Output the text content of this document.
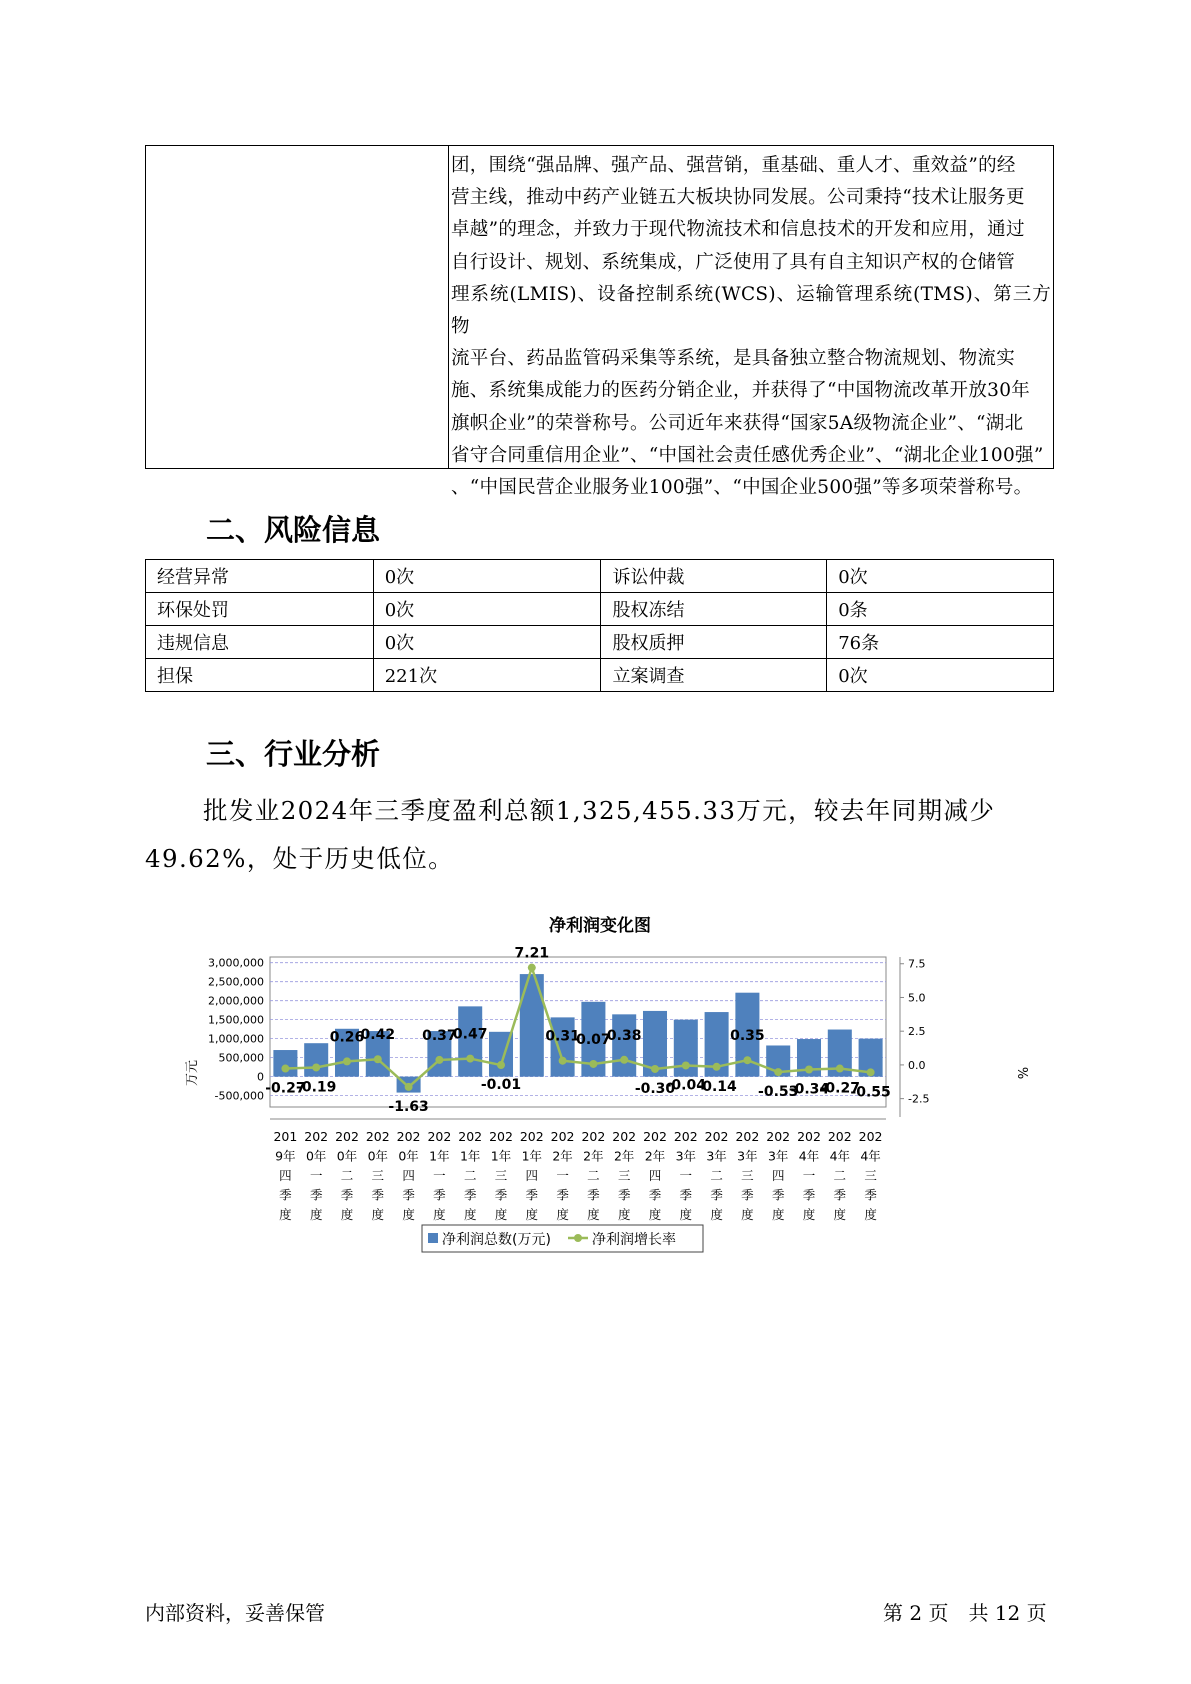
团，围绕“强品牌、强产品、强营销，重基础、重人才、重效益”的经
营主线，推动中药产业链五大板块协同发展。公司秉持“技术让服务更
卓越”的理念，并致力于现代物流技术和信息技术的开发和应用，通过
自行设计、规划、系统集成，广泛使用了具有自主知识产权的仓储管
理系统(LMIS)、设备控制系统(WCS)、运输管理系统(TMS)、第三方物
流平台、药品监管码采集等系统，是具备独立整合物流规划、物流实
施、系统集成能力的医药分销企业，并获得了“中国物流改革开放30年
旗帜企业”的荣誉称号。公司近年来获得“国家5A级物流企业”、“湖北
省守合同重信用企业”、“中国社会责任感优秀企业”、“湖北企业100强”
、“中国民营企业服务业100强”、“中国企业500强”等多项荣誉称号。
二、风险信息
经营异常	0次	诉讼仲裁	0次
环保处罚	0次	股权冻结	0条
违规信息	0次	股权质押	76条
担保	221次	立案调查	0次
三、行业分析
批发业2024年三季度盈利总额1,325,455.33万元，较去年同期减少
49.62%，处于历史低位。
净利润变化图
3,000,000
2,500,000
2,000,000
1,500,000
1,000,000
500,000
0
-500,000
7.5
5.0
2.5
0.0
-2.5
-0.27
-0.19
0.26
0.42
-1.63
0.37
0.47
-0.01
7.21
0.31
0.07
0.38
-0.30
-0.04
-0.14
0.35
-0.53
-0.34
-0.27
-0.55
201
9年
四
季
度
202
0年
一
季
度
202
0年
二
季
度
202
0年
三
季
度
202
0年
四
季
度
202
1年
一
季
度
202
1年
二
季
度
202
1年
三
季
度
202
1年
四
季
度
202
2年
一
季
度
202
2年
二
季
度
202
2年
三
季
度
202
2年
四
季
度
202
3年
一
季
度
202
3年
二
季
度
202
3年
三
季
度
202
3年
四
季
度
202
4年
一
季
度
202
4年
二
季
度
202
4年
三
季
度
万元	%
净利润总数(万元)	净利润增长率
内部资料，妥善保管	第 2 页　共 12 页
